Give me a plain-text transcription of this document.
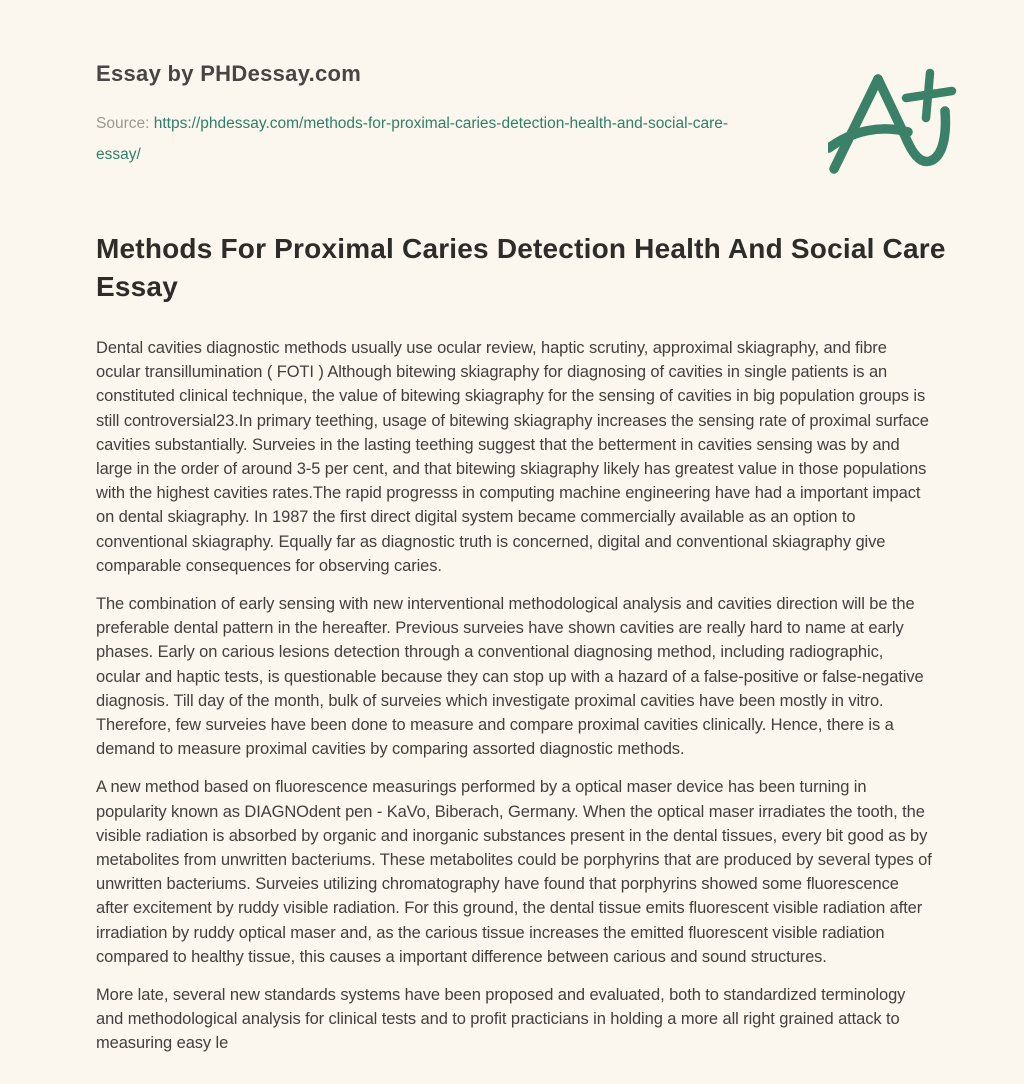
Essay by PHDessay.com
Source: https://phdessay.com/methods-for-proximal-caries-detection-health-and-social-care-essay/
Methods For Proximal Caries Detection Health And Social Care Essay

Dental cavities diagnostic methods usually use ocular review, haptic scrutiny, approximal skiagraphy, and fibre ocular transillumination ( FOTI ) Although bitewing skiagraphy for diagnosing of cavities in single patients is an constituted clinical technique, the value of bitewing skiagraphy for the sensing of cavities in big population groups is still controversial23.In primary teething, usage of bitewing skiagraphy increases the sensing rate of proximal surface cavities substantially. Surveies in the lasting teething suggest that the betterment in cavities sensing was by and large in the order of around 3-5 per cent, and that bitewing skiagraphy likely has greatest value in those populations with the highest cavities rates.The rapid progresss in computing machine engineering have had a important impact on dental skiagraphy. In 1987 the first direct digital system became commercially available as an option to conventional skiagraphy. Equally far as diagnostic truth is concerned, digital and conventional skiagraphy give comparable consequences for observing caries.

The combination of early sensing with new interventional methodological analysis and cavities direction will be the preferable dental pattern in the hereafter. Previous surveies have shown cavities are really hard to name at early phases. Early on carious lesions detection through a conventional diagnosing method, including radiographic, ocular and haptic tests, is questionable because they can stop up with a hazard of a false-positive or false-negative diagnosis. Till day of the month, bulk of surveies which investigate proximal cavities have been mostly in vitro. Therefore, few surveies have been done to measure and compare proximal cavities clinically. Hence, there is a demand to measure proximal cavities by comparing assorted diagnostic methods.

A new method based on fluorescence measurings performed by a optical maser device has been turning in popularity known as DIAGNOdent pen - KaVo, Biberach, Germany. When the optical maser irradiates the tooth, the visible radiation is absorbed by organic and inorganic substances present in the dental tissues, every bit good as by metabolites from unwritten bacteriums. These metabolites could be porphyrins that are produced by several types of unwritten bacteriums. Surveies utilizing chromatography have found that porphyrins showed some fluorescence after excitement by ruddy visible radiation. For this ground, the dental tissue emits fluorescent visible radiation after irradiation by ruddy optical maser and, as the carious tissue increases the emitted fluorescent visible radiation compared to healthy tissue, this causes a important difference between carious and sound structures.

More late, several new standards systems have been proposed and evaluated, both to standardized terminology and methodological analysis for clinical tests and to profit practicians in holding a more all right grained attack to measuring easy le
